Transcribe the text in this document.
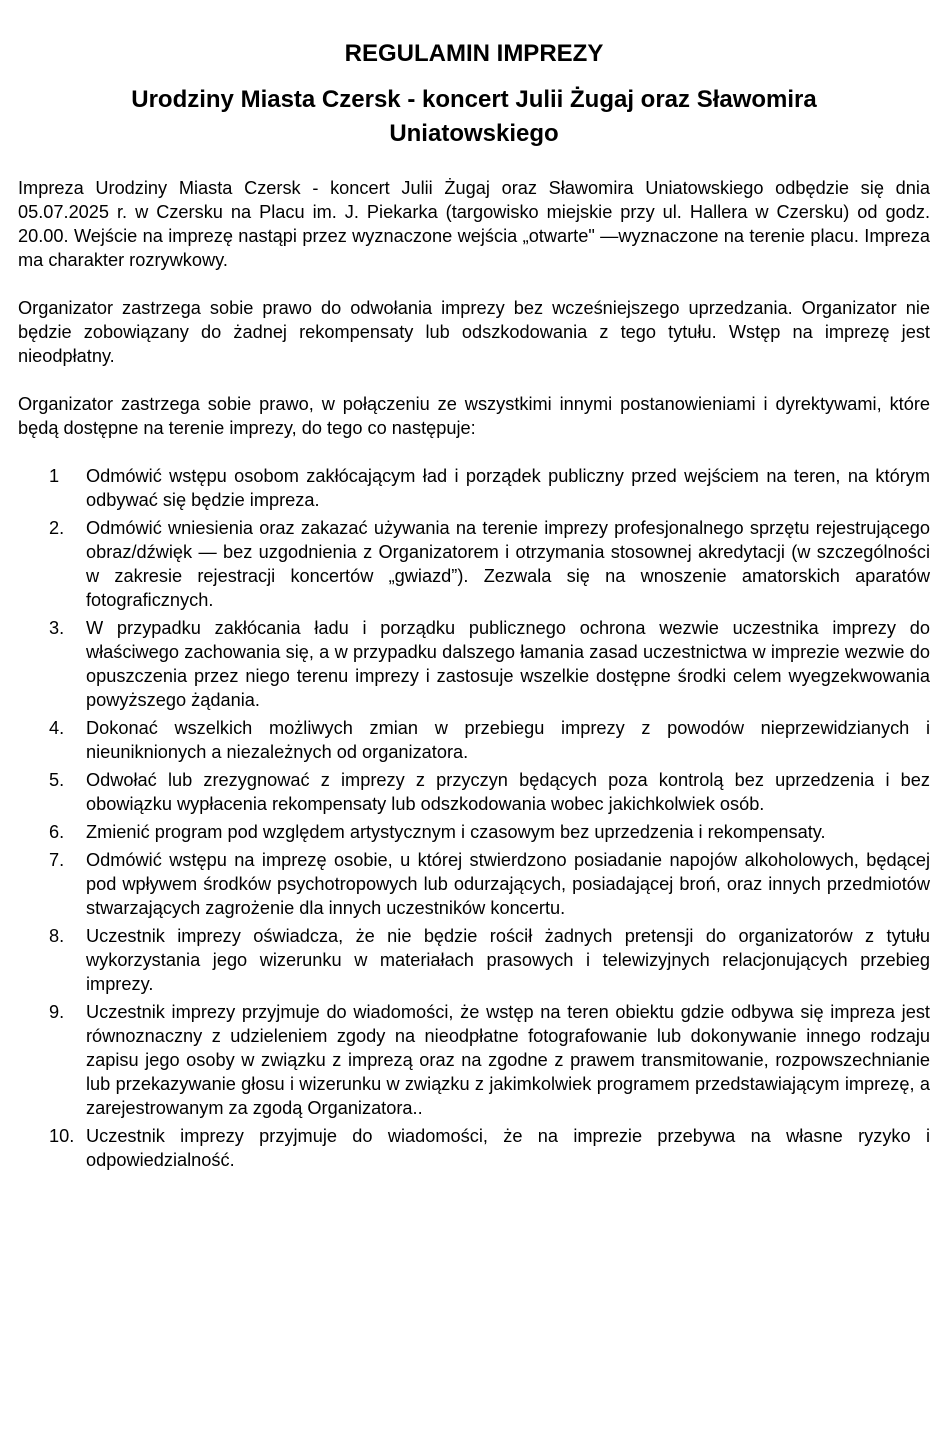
REGULAMIN IMPREZY
Urodziny Miasta Czersk - koncert Julii Żugaj oraz Sławomira Uniatowskiego

Impreza Urodziny Miasta Czersk - koncert Julii Żugaj oraz Sławomira Uniatowskiego odbędzie się dnia 05.07.2025 r. w Czersku na Placu im. J. Piekarka (targowisko miejskie przy ul. Hallera w Czersku) od godz. 20.00. Wejście na imprezę nastąpi przez wyznaczone wejścia „otwarte" —wyznaczone na terenie placu. Impreza ma charakter rozrywkowy.

Organizator zastrzega sobie prawo do odwołania imprezy bez wcześniejszego uprzedzania. Organizator nie będzie zobowiązany do żadnej rekompensaty lub odszkodowania z tego tytułu. Wstęp na imprezę jest nieodpłatny.

Organizator zastrzega sobie prawo, w połączeniu ze wszystkimi innymi postanowieniami i dyrektywami, które będą dostępne na terenie imprezy, do tego co następuje:

1	Odmówić wstępu osobom zakłócającym ład i porządek publiczny przed wejściem na teren, na którym odbywać się będzie impreza.
2.	Odmówić wniesienia oraz zakazać używania na terenie imprezy profesjonalnego sprzętu rejestrującego obraz/dźwięk — bez uzgodnienia z Organizatorem i otrzymania stosownej akredytacji (w szczególności w zakresie rejestracji koncertów „gwiazd”). Zezwala się na wnoszenie amatorskich aparatów fotograficznych.
3.	W przypadku zakłócania ładu i porządku publicznego ochrona wezwie uczestnika imprezy do właściwego zachowania się, a w przypadku dalszego łamania zasad uczestnictwa w imprezie wezwie do opuszczenia przez niego terenu imprezy i zastosuje wszelkie dostępne środki celem wyegzekwowania powyższego żądania.
4.	Dokonać wszelkich możliwych zmian w przebiegu imprezy z powodów nieprzewidzianych i nieuniknionych a niezależnych od organizatora.
5.	Odwołać lub zrezygnować z imprezy z przyczyn będących poza kontrolą bez uprzedzenia i bez obowiązku wypłacenia rekompensaty lub odszkodowania wobec jakichkolwiek osób.
6.	Zmienić program pod względem artystycznym i czasowym bez uprzedzenia i rekompensaty.
7.	Odmówić wstępu na imprezę osobie, u której stwierdzono posiadanie napojów alkoholowych, będącej pod wpływem środków psychotropowych lub odurzających, posiadającej broń, oraz innych przedmiotów stwarzających zagrożenie dla innych uczestników koncertu.
8.	Uczestnik imprezy oświadcza, że nie będzie rościł żadnych pretensji do organizatorów z tytułu wykorzystania jego wizerunku w materiałach prasowych i telewizyjnych relacjonujących przebieg imprezy.
9.	Uczestnik imprezy przyjmuje do wiadomości, że wstęp na teren obiektu gdzie odbywa się impreza jest równoznaczny z udzieleniem zgody na nieodpłatne fotografowanie lub dokonywanie innego rodzaju zapisu jego osoby w związku z imprezą oraz na zgodne z prawem transmitowanie, rozpowszechnianie lub przekazywanie głosu i wizerunku w związku z jakimkolwiek programem przedstawiającym imprezę, a zarejestrowanym za zgodą Organizatora..
10. Uczestnik imprezy przyjmuje do wiadomości, że na imprezie przebywa na własne ryzyko i odpowiedzialność.
